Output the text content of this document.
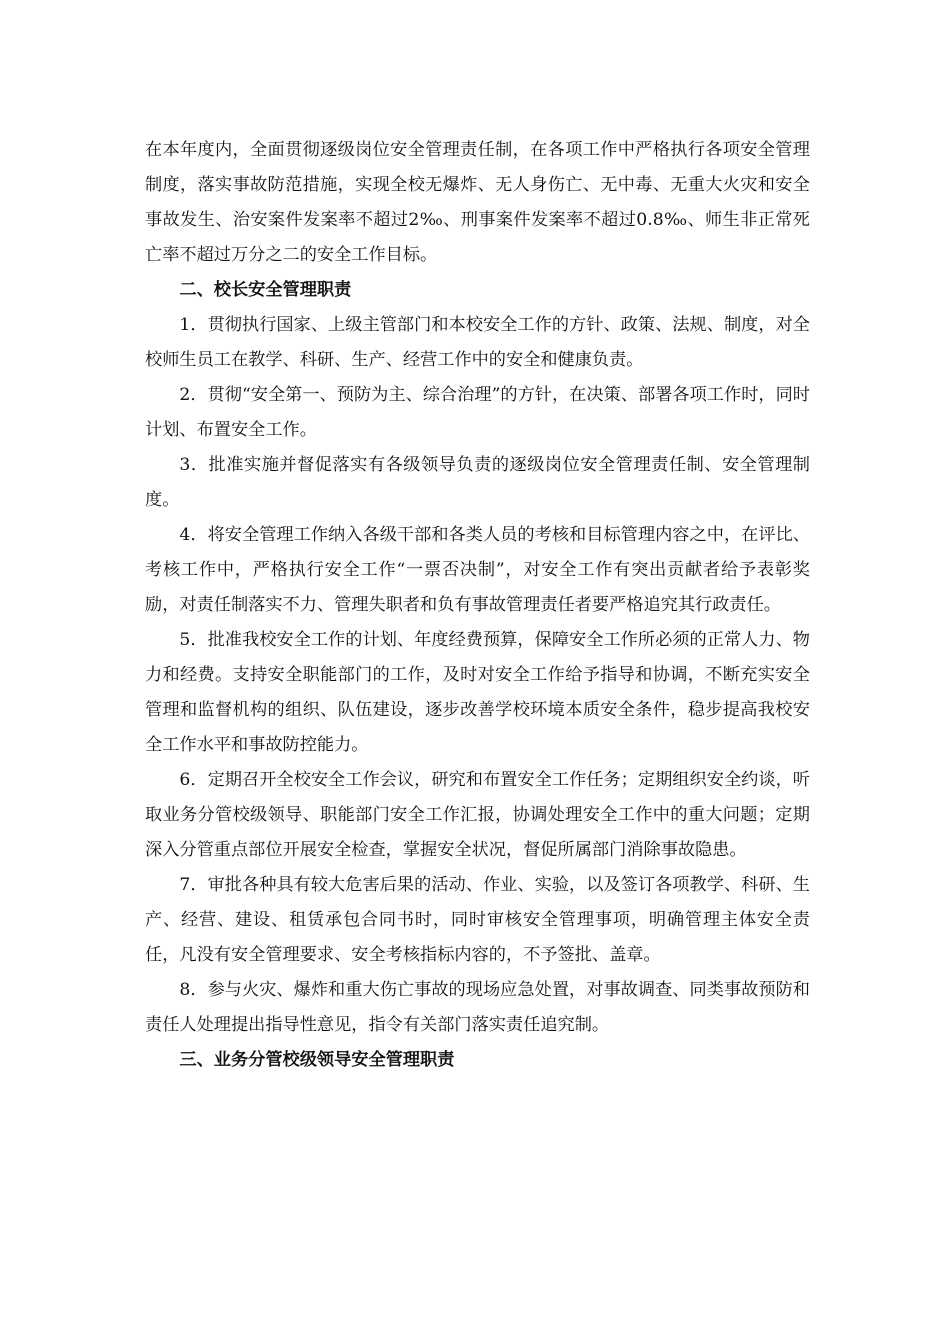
在本年度内，全面贯彻逐级岗位安全管理责任制，在各项工作中严格执行各项安全管理制度，落实事故防范措施，实现全校无爆炸、无人身伤亡、无中毒、无重大火灾和安全事故发生、治安案件发案率不超过2‰、刑事案件发案率不超过0.8‰、师生非正常死亡率不超过万分之二的安全工作目标。

二、校长安全管理职责

1．贯彻执行国家、上级主管部门和本校安全工作的方针、政策、法规、制度，对全校师生员工在教学、科研、生产、经营工作中的安全和健康负责。

2．贯彻“安全第一、预防为主、综合治理”的方针，在决策、部署各项工作时，同时计划、布置安全工作。

3．批准实施并督促落实有各级领导负责的逐级岗位安全管理责任制、安全管理制度。

4．将安全管理工作纳入各级干部和各类人员的考核和目标管理内容之中，在评比、考核工作中，严格执行安全工作“一票否决制”，对安全工作有突出贡献者给予表彰奖励，对责任制落实不力、管理失职者和负有事故管理责任者要严格追究其行政责任。

5．批准我校安全工作的计划、年度经费预算，保障安全工作所必须的正常人力、物力和经费。支持安全职能部门的工作，及时对安全工作给予指导和协调，不断充实安全管理和监督机构的组织、队伍建设，逐步改善学校环境本质安全条件，稳步提高我校安全工作水平和事故防控能力。

6．定期召开全校安全工作会议，研究和布置安全工作任务；定期组织安全约谈，听取业务分管校级领导、职能部门安全工作汇报，协调处理安全工作中的重大问题；定期深入分管重点部位开展安全检查，掌握安全状况，督促所属部门消除事故隐患。

7．审批各种具有较大危害后果的活动、作业、实验，以及签订各项教学、科研、生产、经营、建设、租赁承包合同书时，同时审核安全管理事项，明确管理主体安全责任，凡没有安全管理要求、安全考核指标内容的，不予签批、盖章。

8．参与火灾、爆炸和重大伤亡事故的现场应急处置，对事故调查、同类事故预防和责任人处理提出指导性意见，指令有关部门落实责任追究制。

三、业务分管校级领导安全管理职责
